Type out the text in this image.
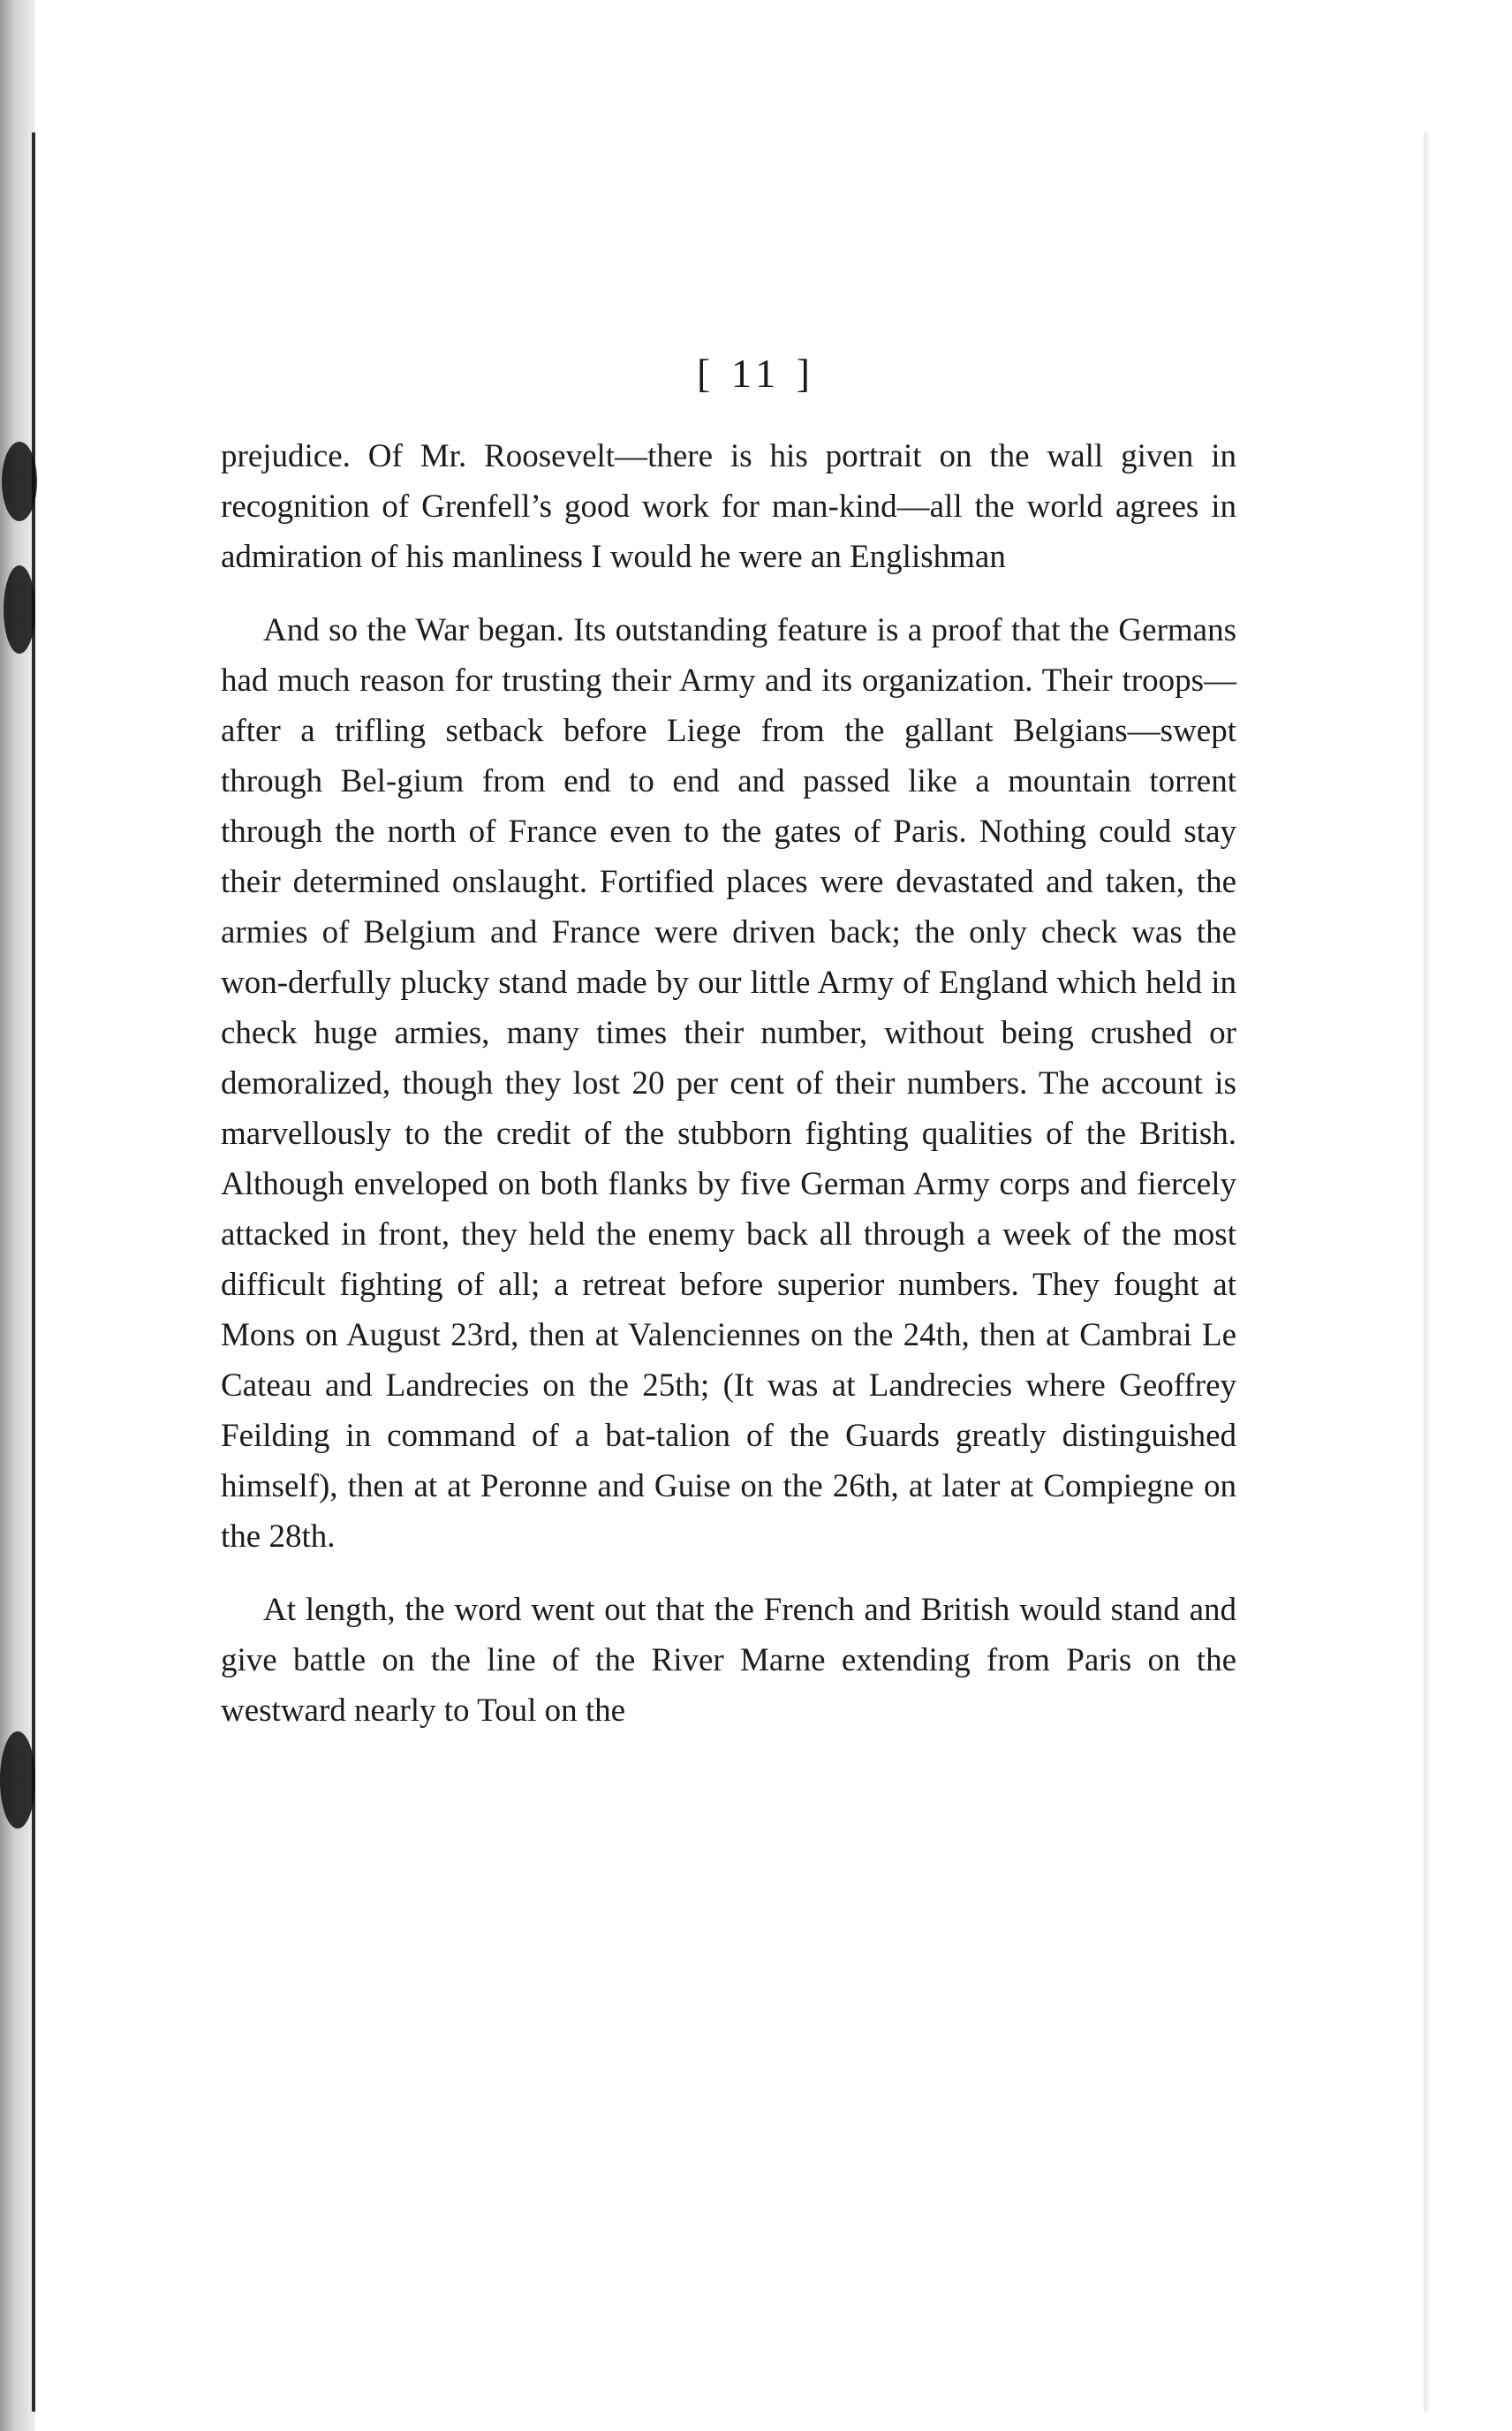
[ 11 ]

prejudice. Of Mr. Roosevelt—there is his portrait on the wall given in recognition of Grenfell’s good work for man-kind—all the world agrees in admiration of his manliness I would he were an Englishman

And so the War began. Its outstanding feature is a proof that the Germans had much reason for trusting their Army and its organization. Their troops—after a trifling setback before Liege from the gallant Belgians—swept through Bel-gium from end to end and passed like a mountain torrent through the north of France even to the gates of Paris. Nothing could stay their determined onslaught. Fortified places were devastated and taken, the armies of Belgium and France were driven back; the only check was the won-derfully plucky stand made by our little Army of England which held in check huge armies, many times their number, without being crushed or demoralized, though they lost 20 per cent of their numbers. The account is marvellously to the credit of the stubborn fighting qualities of the British. Although enveloped on both flanks by five German Army corps and fiercely attacked in front, they held the enemy back all through a week of the most difficult fighting of all; a retreat before superior numbers. They fought at Mons on August 23rd, then at Valenciennes on the 24th, then at Cambrai Le Cateau and Landrecies on the 25th; (It was at Landrecies where Geoffrey Feilding in command of a bat-talion of the Guards greatly distinguished himself), then at at Peronne and Guise on the 26th, at later at Compiegne on the 28th.

At length, the word went out that the French and British would stand and give battle on the line of the River Marne extending from Paris on the westward nearly to Toul on the
